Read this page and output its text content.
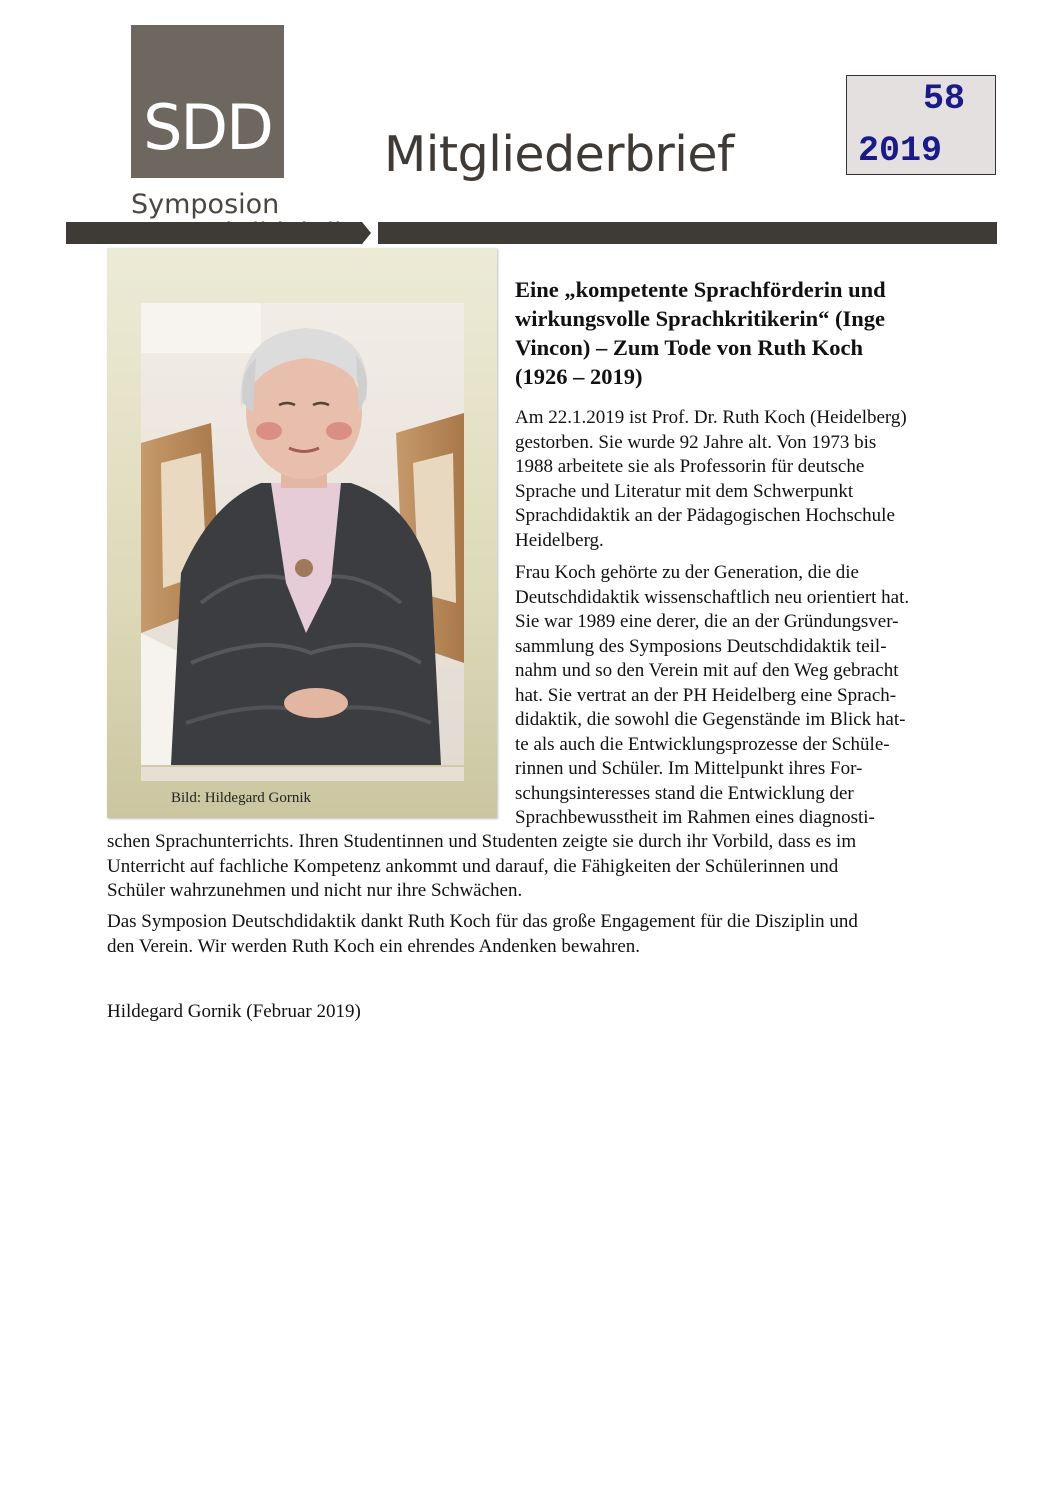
SDD
Symposion
Mitgliederbrief
58
2019
Bild: Hildegard Gornik
Eine „kompetente Sprachförderin und
wirkungsvolle Sprachkritikerin“ (Inge
Vincon) – Zum Tode von Ruth Koch
(1926 – 2019)

Am 22.1.2019 ist Prof. Dr. Ruth Koch (Heidelberg)
gestorben. Sie wurde 92 Jahre alt. Von 1973 bis
1988 arbeitete sie als Professorin für deutsche
Sprache und Literatur mit dem Schwerpunkt
Sprachdidaktik an der Pädagogischen Hochschule
Heidelberg.

Frau Koch gehörte zu der Generation, die die
Deutschdidaktik wissenschaftlich neu orientiert hat.
Sie war 1989 eine derer, die an der Gründungsver-
sammlung des Symposions Deutschdidaktik teil-
nahm und so den Verein mit auf den Weg gebracht
hat. Sie vertrat an der PH Heidelberg eine Sprach-
didaktik, die sowohl die Gegenstände im Blick hat-
te als auch die Entwicklungsprozesse der Schüle-
rinnen und Schüler. Im Mittelpunkt ihres For-
schungsinteresses stand die Entwicklung der
Sprachbewusstheit im Rahmen eines diagnosti-

schen Sprachunterrichts. Ihren Studentinnen und Studenten zeigte sie durch ihr Vorbild, dass es im
Unterricht auf fachliche Kompetenz ankommt und darauf, die Fähigkeiten der Schülerinnen und
Schüler wahrzunehmen und nicht nur ihre Schwächen.

Das Symposion Deutschdidaktik dankt Ruth Koch für das große Engagement für die Disziplin und
den Verein. Wir werden Ruth Koch ein ehrendes Andenken bewahren.

Hildegard Gornik (Februar 2019)
